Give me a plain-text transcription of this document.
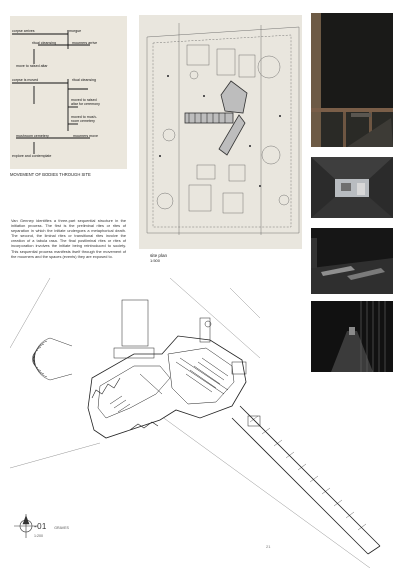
corpse arrives	morgue
ritual cleansing	mourners arrive
move to raised altar
corpse is moved	ritual cleansing
moved to raised altar for ceremony
moved to mush-room cemetery
mushroom cemetery	mourners move
explore and contemplate
MOVEMENT OF BODIES THROUGH SITE
Van Gennep identifies a three-part sequential structure in the initiation process. The first is the preliminal rites or rites of separation in which the initiate undergoes a metaphorical death. The second, the liminal rites or transitional rites involve the creation of a tabula rasa. The final postliminal rites or rites of incorporation involves the initiate being reintroduced to society. This sequential process manifests itself through the movement of the mourners and the spaces (events) they are exposed to.	site plan
1:500
-01 GRAVES
1:200
21
